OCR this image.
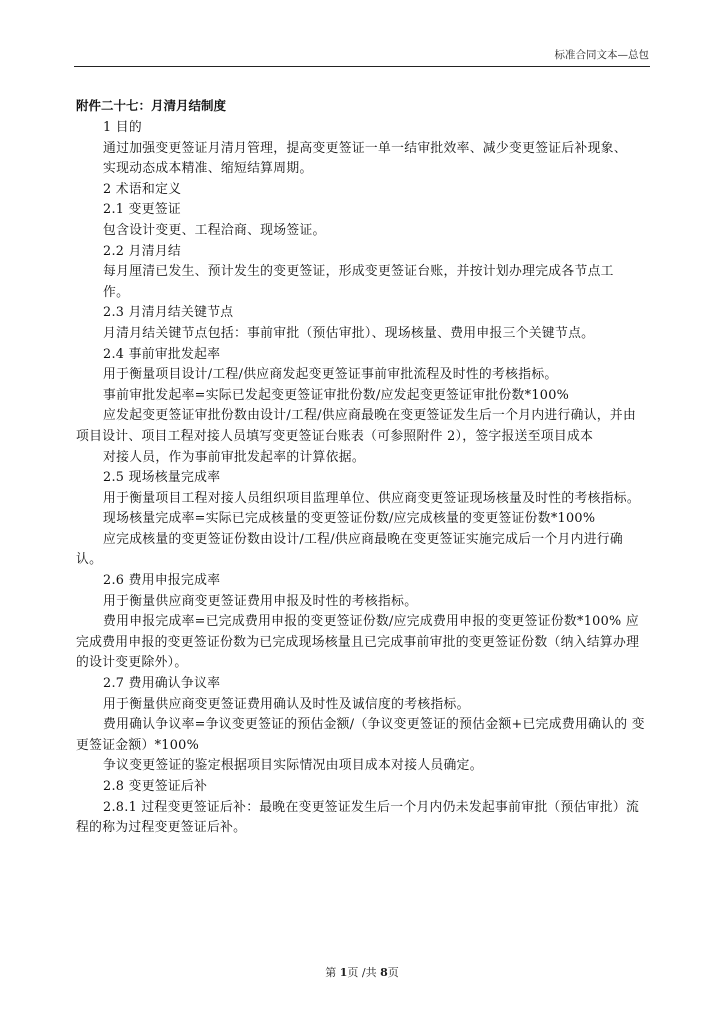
标准合同文本—总包
附件二十七：月清月结制度

1 目的

通过加强变更签证月清月管理，提高变更签证一单一结审批效率、减少变更签证后补现象、

实现动态成本精准、缩短结算周期。

2 术语和定义

2.1 变更签证

包含设计变更、工程洽商、现场签证。

2.2 月清月结

每月厘清已发生、预计发生的变更签证，形成变更签证台账，并按计划办理完成各节点工

作。

2.3 月清月结关键节点

月清月结关键节点包括：事前审批（预估审批）、现场核量、费用申报三个关键节点。

2.4 事前审批发起率

用于衡量项目设计/工程/供应商发起变更签证事前审批流程及时性的考核指标。

事前审批发起率=实际已发起变更签证审批份数/应发起变更签证审批份数*100%

应发起变更签证审批份数由设计/工程/供应商最晚在变更签证发生后一个月内进行确认，并由项目设计、项目工程对接人员填写变更签证台账表（可参照附件 2），签字报送至项目成本

对接人员，作为事前审批发起率的计算依据。

2.5 现场核量完成率

用于衡量项目工程对接人员组织项目监理单位、供应商变更签证现场核量及时性的考核指标。

现场核量完成率=实际已完成核量的变更签证份数/应完成核量的变更签证份数*100%

应完成核量的变更签证份数由设计/工程/供应商最晚在变更签证实施完成后一个月内进行确认。

2.6 费用申报完成率

用于衡量供应商变更签证费用申报及时性的考核指标。

费用申报完成率=已完成费用申报的变更签证份数/应完成费用申报的变更签证份数*100% 应完成费用申报的变更签证份数为已完成现场核量且已完成事前审批的变更签证份数（纳入结算办理的设计变更除外）。

2.7 费用确认争议率

用于衡量供应商变更签证费用确认及时性及诚信度的考核指标。

费用确认争议率=争议变更签证的预估金额/（争议变更签证的预估金额+已完成费用确认的 变更签证金额）*100%

争议变更签证的鉴定根据项目实际情况由项目成本对接人员确定。

2.8 变更签证后补

2.8.1 过程变更签证后补：最晚在变更签证发生后一个月内仍未发起事前审批（预估审批）流程的称为过程变更签证后补。

第 1页 /共 8页
